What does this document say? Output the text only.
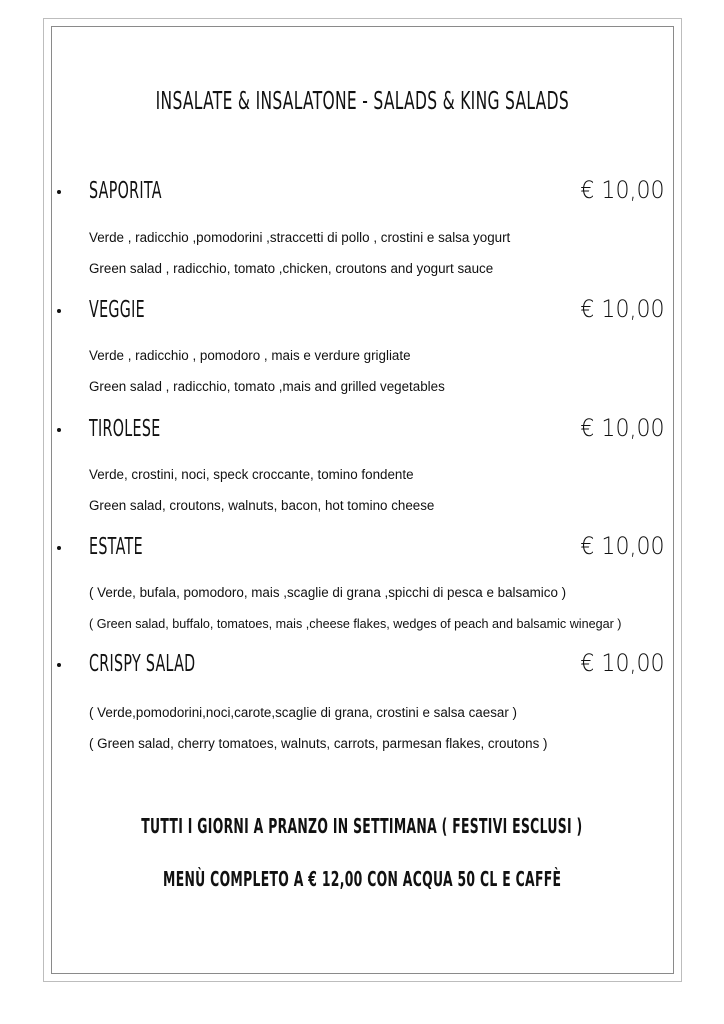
INSALATE & INSALATONE - SALADS & KING SALADS
SAPORITA	€ 10,00
Verde , radicchio ,pomodorini ,straccetti di pollo , crostini e salsa yogurt
Green salad , radicchio, tomato ,chicken, croutons and yogurt sauce
VEGGIE	€ 10,00
Verde , radicchio , pomodoro , mais e verdure grigliate
Green salad , radicchio, tomato ,mais and grilled vegetables
TIROLESE	€ 10,00
Verde, crostini, noci, speck croccante, tomino fondente
Green salad, croutons, walnuts, bacon, hot tomino cheese
ESTATE	€ 10,00
( Verde, bufala, pomodoro, mais ,scaglie di grana ,spicchi di pesca e balsamico )
( Green salad, buffalo, tomatoes, mais ,cheese flakes, wedges of peach and balsamic winegar )
CRISPY SALAD	€ 10,00
( Verde,pomodorini,noci,carote,scaglie di grana, crostini e salsa caesar )
( Green salad, cherry tomatoes, walnuts, carrots, parmesan flakes, croutons )
TUTTI I GIORNI A PRANZO IN SETTIMANA ( FESTIVI ESCLUSI )
MENÙ COMPLETO A € 12,00 CON ACQUA 50 CL E CAFFÈ
